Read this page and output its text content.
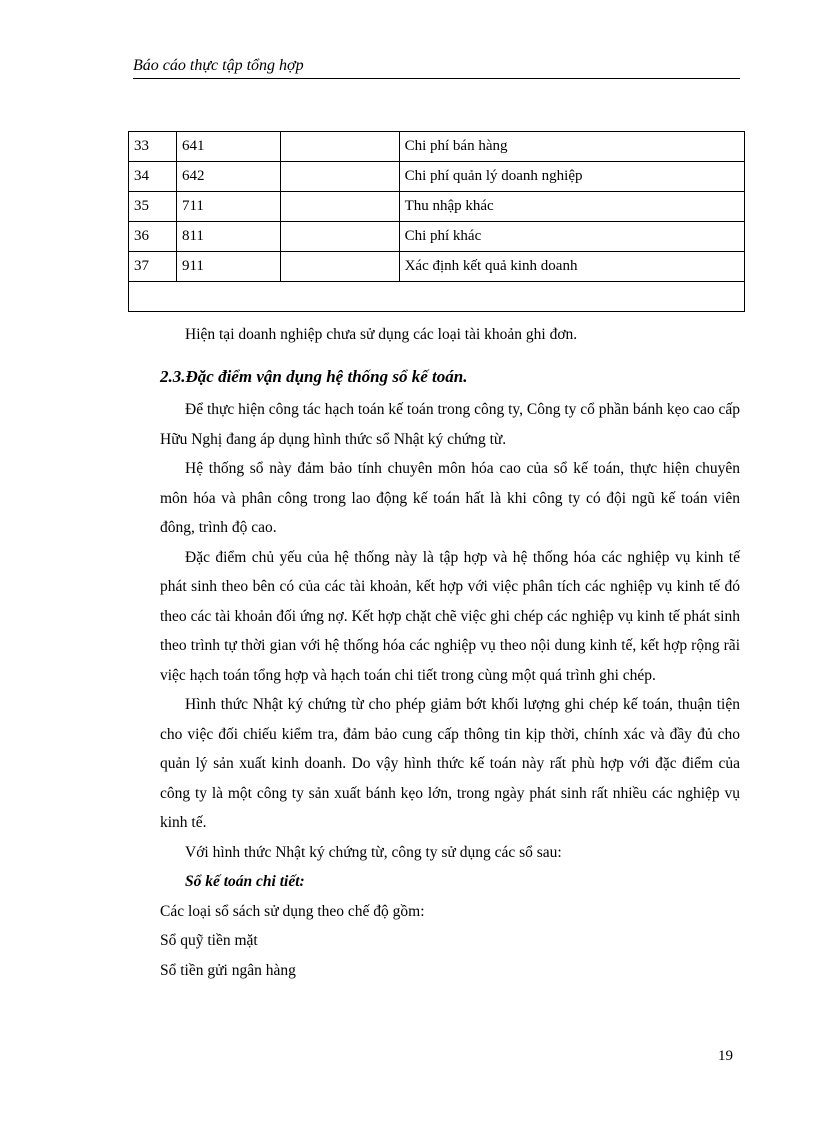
Báo cáo thực tập tổng hợp
33	641		Chi phí bán hàng
34	642		Chi phí quản lý doanh nghiệp
35	711		Thu nhập khác
36	811		Chi phí khác
37	911		Xác định kết quả kinh doanh

Hiện tại doanh nghiệp chưa sử dụng các loại tài khoản ghi đơn.

2.3.Đặc điểm vận dụng hệ thống sổ kế toán.

Để thực hiện công tác hạch toán kế toán trong công ty, Công ty cổ phần bánh kẹo cao cấp Hữu Nghị đang áp dụng hình thức sổ Nhật ký chứng từ.

Hệ thống sổ này đảm bảo tính chuyên môn hóa cao của sổ kế toán, thực hiện chuyên môn hóa và phân công trong lao động kế toán hất là khi công ty có đội ngũ kế toán viên đông, trình độ cao.

Đặc điểm chủ yếu của hệ thống này là tập hợp và hệ thống hóa các nghiệp vụ kinh tế phát sinh theo bên có của các tài khoản, kết hợp với việc phân tích các nghiệp vụ kinh tế đó theo các tài khoản đối ứng nợ. Kết hợp chặt chẽ việc ghi chép các nghiệp vụ kinh tế phát sinh theo trình tự thời gian với hệ thống hóa các nghiệp vụ theo nội dung kinh tế, kết hợp rộng rãi việc hạch toán tổng hợp và hạch toán chi tiết trong cùng một quá trình ghi chép.

Hình thức Nhật ký chứng từ cho phép giảm bớt khối lượng ghi chép kế toán, thuận tiện cho việc đối chiếu kiểm tra, đảm bảo cung cấp thông tin kịp thời, chính xác và đầy đủ cho quản lý sản xuất kinh doanh. Do vậy hình thức kế toán này rất phù hợp với đặc điểm của công ty là một công ty sản xuất bánh kẹo lớn, trong ngày phát sinh rất nhiều các nghiệp vụ kinh tế.

Với hình thức Nhật ký chứng từ, công ty sử dụng các sổ sau:

Sổ kế toán chi tiết:

Các loại sổ sách sử dụng theo chế độ gồm:

Sổ quỹ tiền mặt

Sổ tiền gửi ngân hàng

19
